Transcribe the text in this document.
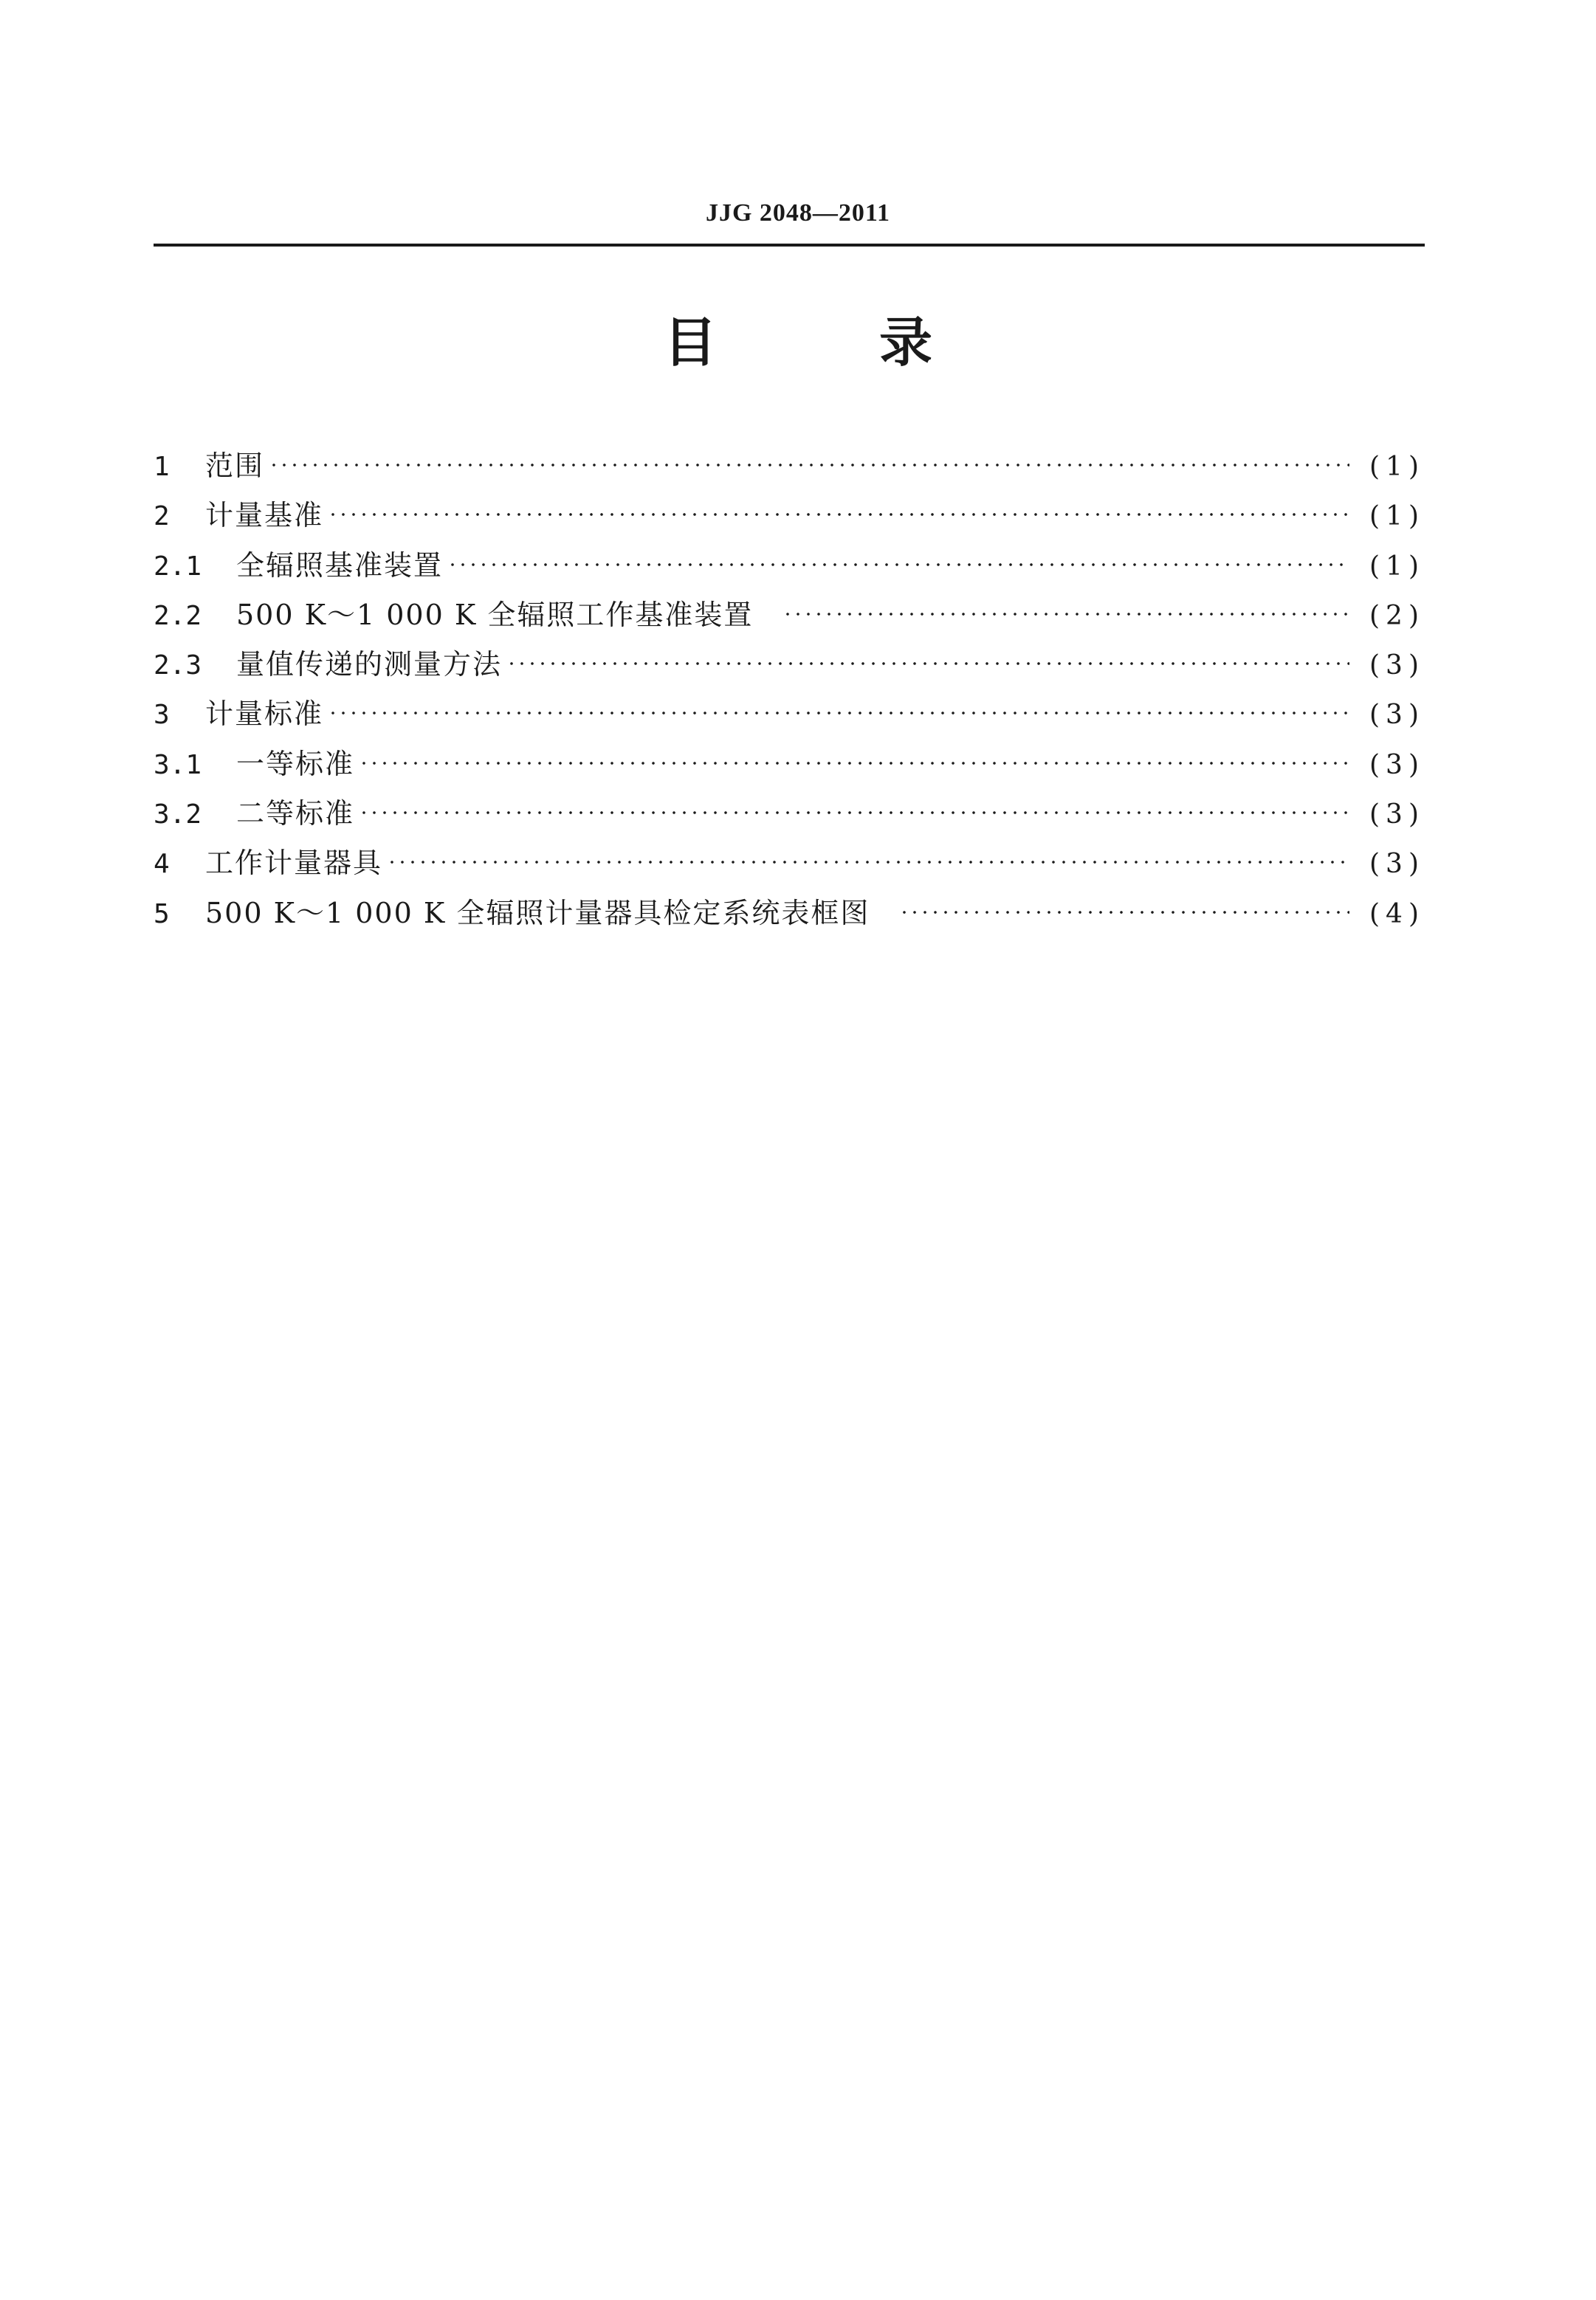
JJG 2048—2011
目	录
1	范围	(1)
2	计量基准	(1)
2.1	全辐照基准装置	(1)
2.2	500 K～1 000 K 全辐照工作基准装置	(2)
2.3	量值传递的测量方法	(3)
3	计量标准	(3)
3.1	一等标准	(3)
3.2	二等标准	(3)
4	工作计量器具	(3)
5	500 K～1 000 K 全辐照计量器具检定系统表框图	(4)
